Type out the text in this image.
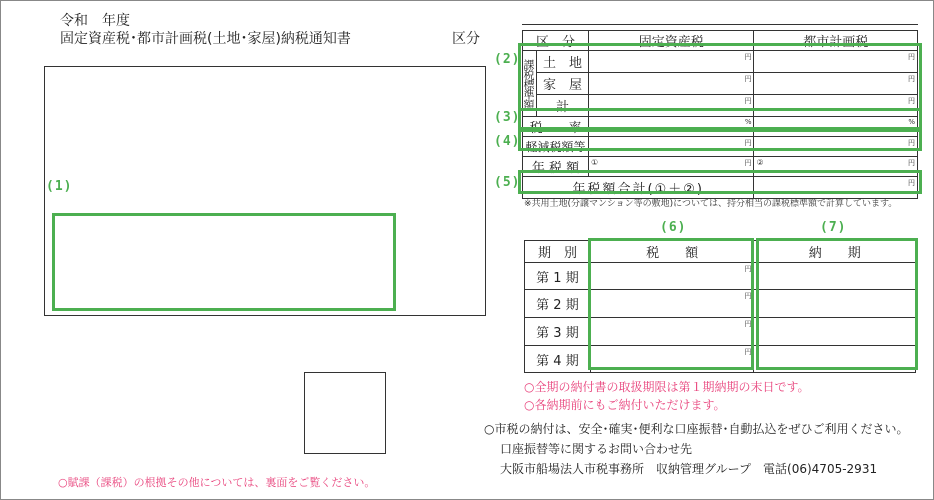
令和　年度
固定資産税･都市計画税(土地･家屋)納税通知書	区分
(1)
○賦課（課税）の根拠その他については、裏面をご覧ください。
区　分		固定資産税	都市計画税

課税標準額	土　地	円	円

	家　屋	円	円

	計	円	円

税　　率		%	%

軽減税額等		円	円

年 税 額		① 円	② 円

年税額合計(①＋②)			円
(2)
(3)
(4)
(5)
※共用土地(分譲マンション等の敷地)については、持分相当の課税標準額で計算しています。
期　別	税　　額	納　　期
第 1 期	円	

第 2 期	円	

第 3 期	円	

第 4 期	円	

(6)	(7)
○全期の納付書の取扱期限は第１期納期の末日です。
○各納期前にもご納付いただけます。
○市税の納付は、安全･確実･便利な口座振替･自動払込をぜひご利用ください。
口座振替等に関するお問い合わせ先
大阪市船場法人市税事務所　収納管理グループ　電話(06)4705-2931
